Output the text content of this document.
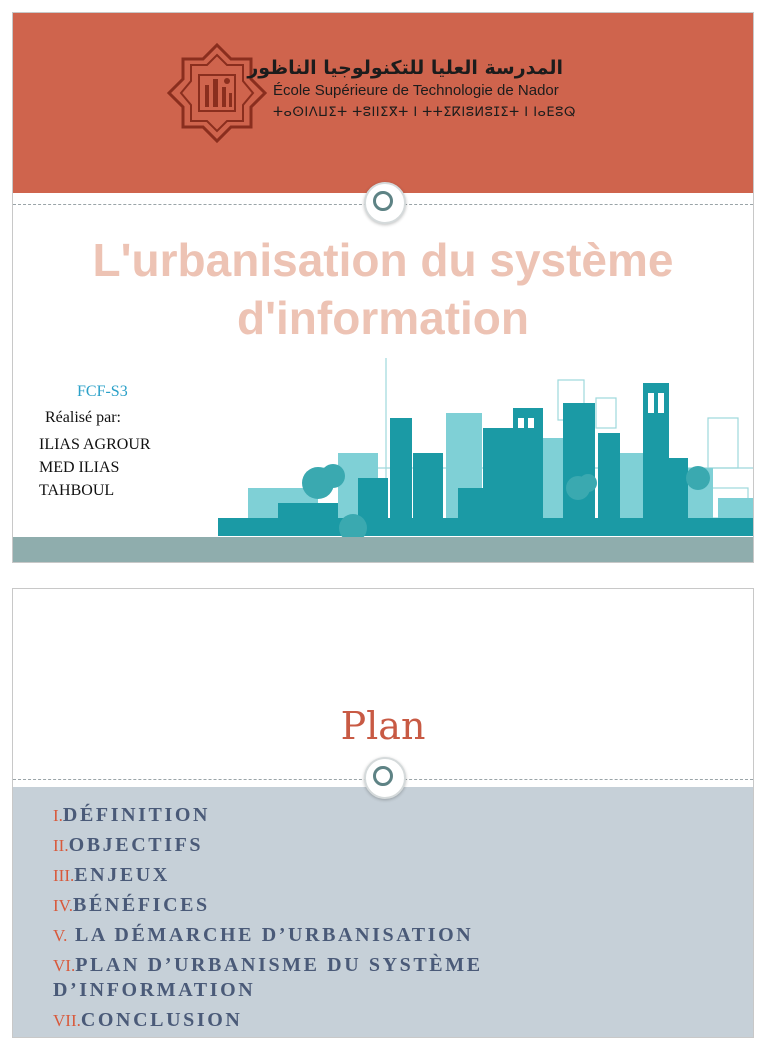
المدرسة العليا للتكنولوجيا الناظور
École Supérieure de Technologie de Nador
ⵜⴰⵙⵏⴷⵡⵉⵜ ⵜⵓⵏⵏⵉⴳⵜ ⵏ ⵜⵜⵉⴽⵏⵓⵍⵓⵊⵉⵜ ⵏ ⵏⴰⴹⵓⵕ
L'urbanisation du système d'information
FCF-S3
Réalisé par:
ILIAS AGROUR
MED ILIAS
TAHBOUL
Plan
I.DÉFINITION
II.OBJECTIFS
III.ENJEUX
IV.BÉNÉFICES
V. LA DÉMARCHE D’URBANISATION
VI.PLAN D’URBANISME DU SYSTÈME D’INFORMATION
VII.CONCLUSION
